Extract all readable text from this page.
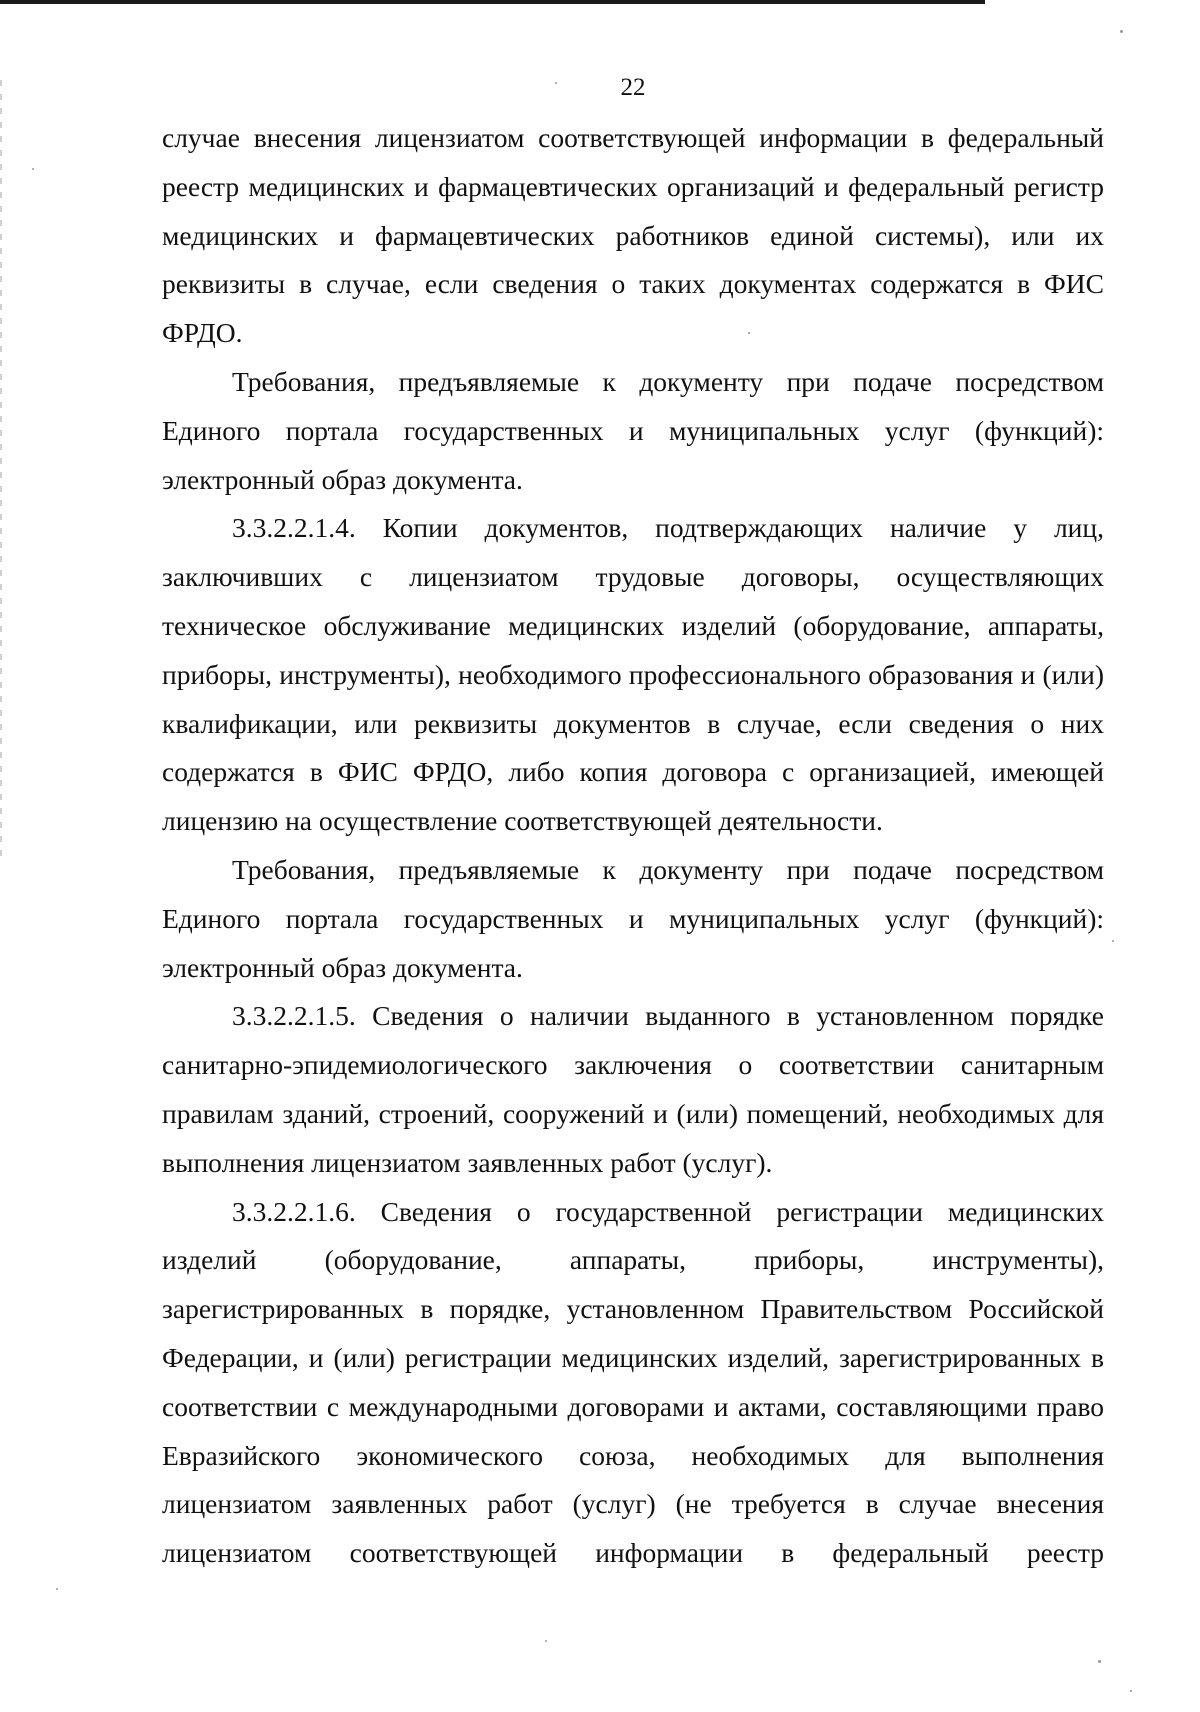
22

случае внесения лицензиатом соответствующей информации в федеральный реестр медицинских и фармацевтических организаций и федеральный регистр медицинских и фармацевтических работников единой системы), или их реквизиты в случае, если сведения о таких документах содержатся в ФИС ФРДО.

Требования, предъявляемые к документу при подаче посредством Единого портала государственных и муниципальных услуг (функций): электронный образ документа.

3.3.2.2.1.4. Копии документов, подтверждающих наличие у лиц, заключивших с лицензиатом трудовые договоры, осуществляющих техническое обслуживание медицинских изделий (оборудование, аппараты, приборы, инструменты), необходимого профессионального образования и (или) квалификации, или реквизиты документов в случае, если сведения о них содержатся в ФИС ФРДО, либо копия договора с организацией, имеющей лицензию на осуществление соответствующей деятельности.

Требования, предъявляемые к документу при подаче посредством Единого портала государственных и муниципальных услуг (функций): электронный образ документа.

3.3.2.2.1.5. Сведения о наличии выданного в установленном порядке санитарно-эпидемиологического заключения о соответствии санитарным правилам зданий, строений, сооружений и (или) помещений, необходимых для выполнения лицензиатом заявленных работ (услуг).

3.3.2.2.1.6. Сведения о государственной регистрации медицинских изделий (оборудование, аппараты, приборы, инструменты), зарегистрированных в порядке, установленном Правительством Российской Федерации, и (или) регистрации медицинских изделий, зарегистрированных в соответствии с международными договорами и актами, составляющими право Евразийского экономического союза, необходимых для выполнения лицензиатом заявленных работ (услуг) (не требуется в случае внесения лицензиатом соответствующей информации в федеральный реестр
